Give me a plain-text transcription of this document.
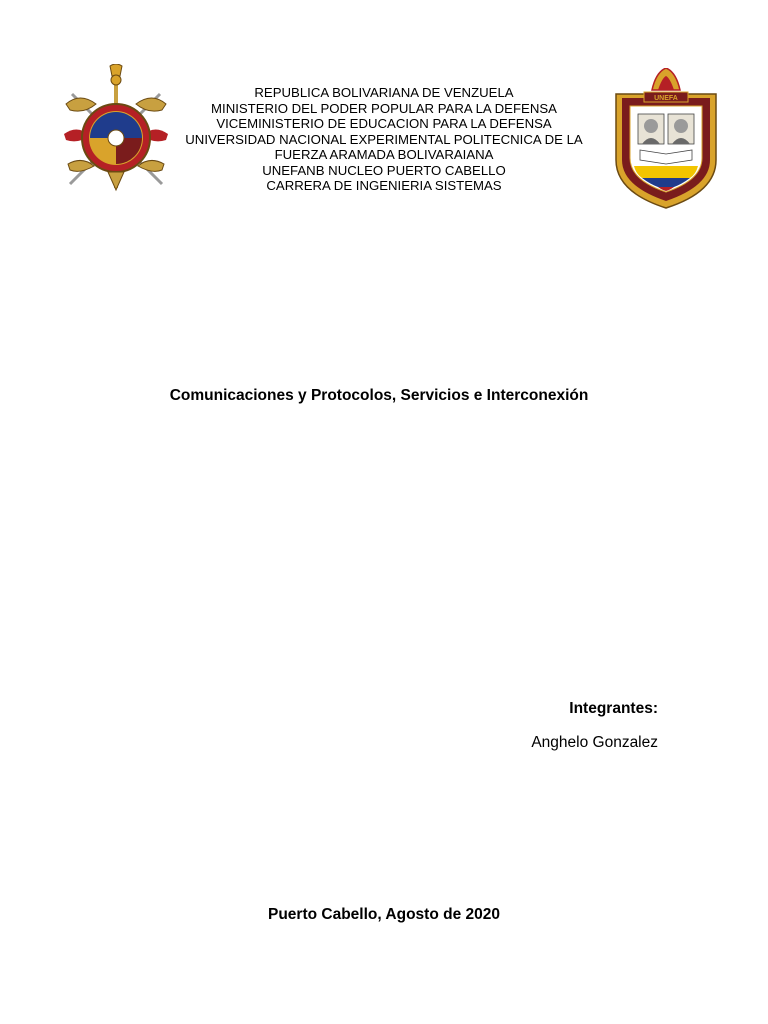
REPUBLICA BOLIVARIANA DE VENZUELA
MINISTERIO DEL PODER POPULAR PARA LA DEFENSA
VICEMINISTERIO DE EDUCACION PARA LA DEFENSA
UNIVERSIDAD NACIONAL EXPERIMENTAL POLITECNICA DE LA
FUERZA ARAMADA BOLIVARAIANA
UNEFANB NUCLEO PUERTO CABELLO
CARRERA DE INGENIERIA SISTEMAS
UNEFA
Comunicaciones y Protocolos, Servicios e Interconexión
Integrantes:
Anghelo Gonzalez
Puerto Cabello, Agosto de 2020
